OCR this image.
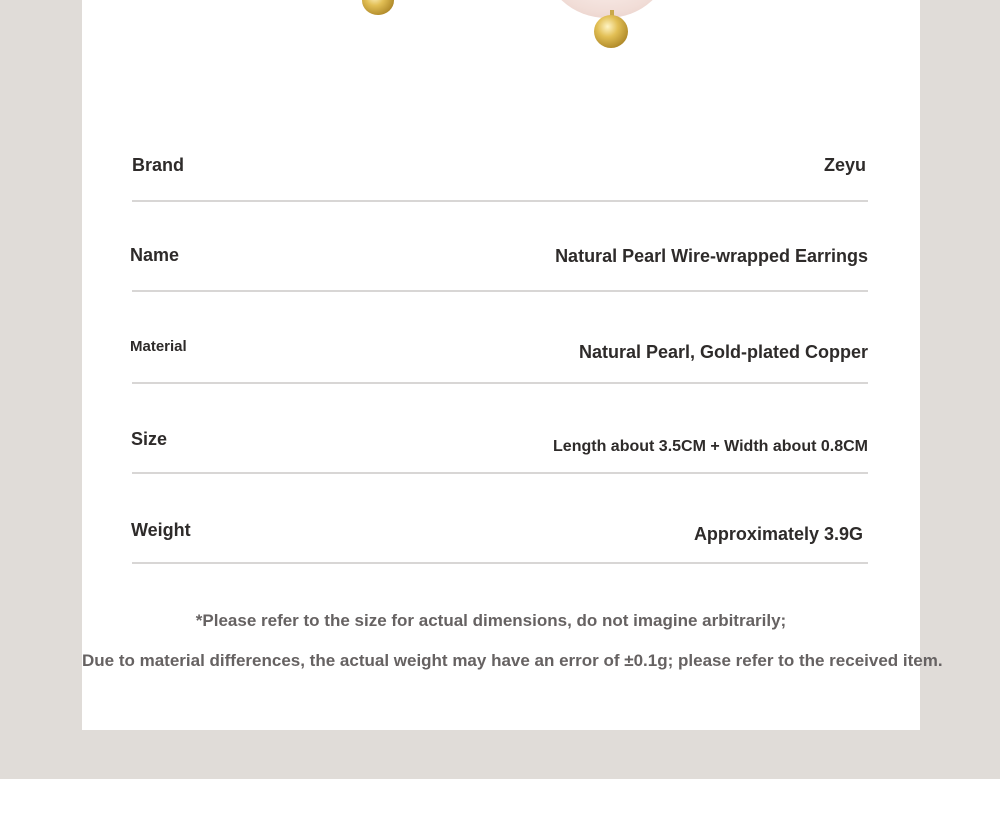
Brand	Zeyu
Name	Natural Pearl Wire-wrapped Earrings
Material	Natural Pearl, Gold-plated Copper
Size	Length about 3.5CM + Width about 0.8CM
Weight	Approximately 3.9G
*Please refer to the size for actual dimensions, do not imagine arbitrarily;
Due to material differences, the actual weight may have an error of ±0.1g; please refer to the received item.
